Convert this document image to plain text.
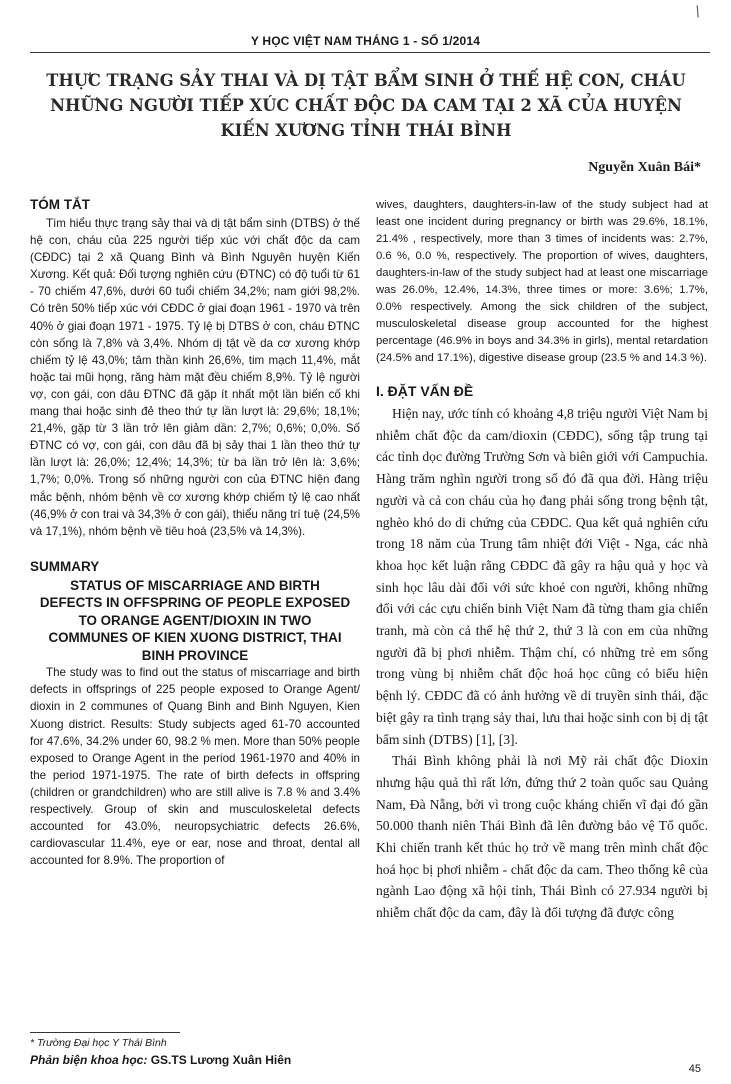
/
Y HỌC VIỆT NAM THÁNG 1 - SỐ 1/2014
THỰC TRẠNG SẢY THAI VÀ DỊ TẬT BẨM SINH Ở THẾ HỆ CON, CHÁU
NHỮNG NGƯỜI TIẾP XÚC CHẤT ĐỘC DA CAM TẠI 2 XÃ CỦA HUYỆN
KIẾN XƯƠNG TỈNH THÁI BÌNH
Nguyễn Xuân Bái*
TÓM TẮT

Tìm hiểu thực trạng sảy thai và dị tật bẩm sinh (DTBS) ở thế hệ con, cháu của 225 người tiếp xúc với chất độc da cam (CĐDC) tại 2 xã Quang Bình và Bình Nguyên huyện Kiến Xương. Kết quả: Đối tượng nghiên cứu (ĐTNC) có độ tuổi từ 61 - 70 chiếm 47,6%, dưới 60 tuổi chiếm 34,2%; nam giới 98,2%. Có trên 50% tiếp xúc với CĐDC ở giai đoạn 1961 - 1970 và trên 40% ở giai đoạn 1971 - 1975. Tỷ lệ bị DTBS ở con, cháu ĐTNC còn sống là 7,8% và 3,4%. Nhóm dị tật về da cơ xương khớp chiếm tỷ lệ 43,0%; tâm thần kinh 26,6%, tim mạch 11,4%, mắt hoặc tai mũi họng, răng hàm mặt đều chiếm 8,9%. Tỷ lệ người vợ, con gái, con dâu ĐTNC đã gặp ít nhất một lần biến cố khi mang thai hoặc sinh đẻ theo thứ tự lần lượt là: 29,6%; 18,1%; 21,4%, gặp từ 3 lần trở lên giảm dần: 2,7%; 0,6%; 0,0%. Số ĐTNC có vợ, con gái, con dâu đã bị sảy thai 1 lần theo thứ tự lần lượt là: 26,0%; 12,4%; 14,3%; từ ba lần trở lên là: 3,6%; 1,7%; 0,0%. Trong số những người con của ĐTNC hiện đang mắc bệnh, nhóm bệnh về cơ xương khớp chiếm tỷ lệ cao nhất (46,9% ở con trai và 34,3% ở con gái), thiểu năng trí tuệ (24,5% và 17,1%), nhóm bệnh về tiêu hoá (23,5% và 14,3%).

SUMMARY

STATUS OF MISCARRIAGE AND BIRTH DEFECTS IN OFFSPRING OF PEOPLE EXPOSED TO ORANGE AGENT/DIOXIN IN TWO COMMUNES OF KIEN XUONG DISTRICT, THAI BINH PROVINCE

The study was to find out the status of miscarriage and birth defects in offsprings of 225 people exposed to Orange Agent/ dioxin in 2 communes of Quang Binh and Binh Nguyen, Kien Xuong district. Results: Study subjects aged 61-70 accounted for 47.6%, 34.2% under 60, 98.2 % men. More than 50% people exposed to Orange Agent in the period 1961-1970 and 40% in the period 1971-1975. The rate of birth defects in offspring (children or grandchildren) who are still alive is 7.8 % and 3.4% respectively. Group of skin and musculoskeletal defects accounted for 43.0%, neuropsychiatric defects 26.6%, cardiovascular 11.4%, eye or ear, nose and throat, dental all accounted for 8.9%. The proportion of

wives, daughters, daughters-in-law of the study subject had at least one incident during pregnancy or birth was 29.6%, 18.1%, 21.4% , respectively, more than 3 times of incidents was: 2.7%, 0.6 %, 0.0 %, respectively. The proportion of wives, daughters, daughters-in-law of the study subject had at least one miscarriage was 26.0%, 12.4%, 14.3%, three times or more: 3.6%; 1.7%, 0.0% respectively. Among the sick children of the subject, musculoskeletal disease group accounted for the highest percentage (46.9% in boys and 34.3% in girls), mental retardation (24.5% and 17.1%), digestive disease group (23.5 % and 14.3 %).

I. ĐẶT VẤN ĐỀ

Hiện nay, ước tính có khoảng 4,8 triệu người Việt Nam bị nhiễm chất độc da cam/dioxin (CĐDC), sống tập trung tại các tỉnh dọc đường Trường Sơn và biên giới với Campuchia. Hàng trăm nghìn người trong số đó đã qua đời. Hàng triệu người và cả con cháu của họ đang phải sống trong bệnh tật, nghèo khó do di chứng của CĐDC. Qua kết quả nghiên cứu trong 18 năm của Trung tâm nhiệt đới Việt - Nga, các nhà khoa học kết luận rằng CĐDC đã gây ra hậu quả y học và sinh học lâu dài đối với sức khoẻ con người, không những đối với các cựu chiến binh Việt Nam đã từng tham gia chiến tranh, mà còn cả thế hệ thứ 2, thứ 3 là con em của những người đã bị phơi nhiễm. Thậm chí, có những trẻ em sống trong vùng bị nhiễm chất độc hoá học cũng có biểu hiện bệnh lý. CĐDC đã có ảnh hưởng về di truyền sinh thái, đặc biệt gây ra tình trạng sảy thai, lưu thai hoặc sinh con bị dị tật bẩm sinh (DTBS) [1], [3].

Thái Bình không phải là nơi Mỹ rải chất độc Dioxin nhưng hậu quả thì rất lớn, đứng thứ 2 toàn quốc sau Quảng Nam, Đà Nẵng, bởi vì trong cuộc kháng chiến vĩ đại đó gần 50.000 thanh niên Thái Bình đã lên đường bảo vệ Tổ quốc. Khi chiến tranh kết thúc họ trở về mang trên mình chất độc hoá học bị phơi nhiễm - chất độc da cam. Theo thống kê của ngành Lao động xã hội tỉnh, Thái Bình có 27.934 người bị nhiễm chất độc da cam, đây là đối tượng đã được công

* Trường Đại học Y Thái Bình
Phản biện khoa học: GS.TS Lương Xuân Hiên
45
